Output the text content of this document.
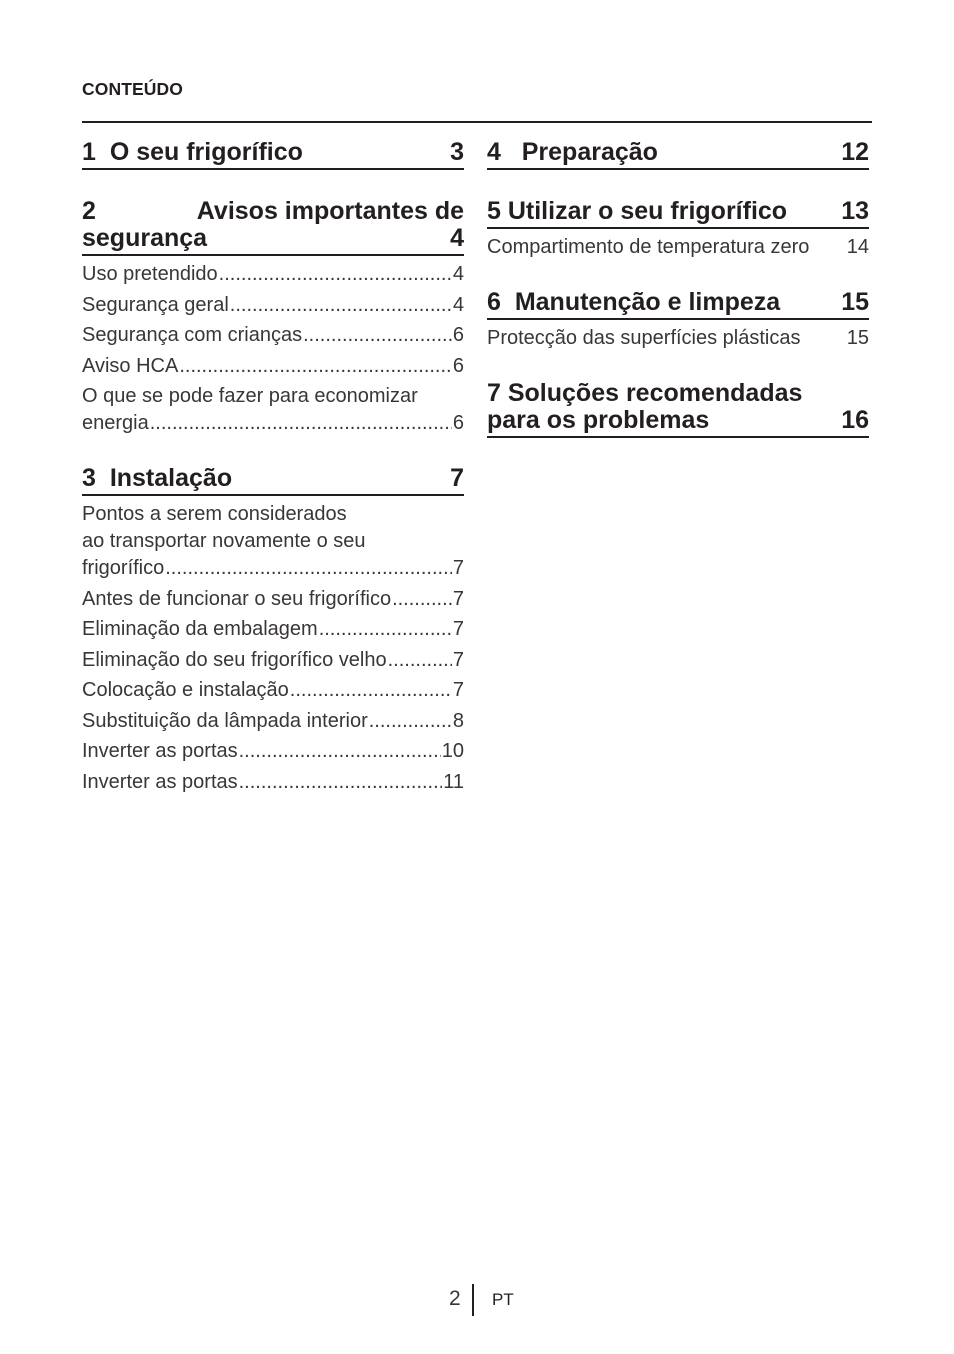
CONTEÚDO
1 O seu frigorífico	3
2	Avisos importantes de
segurança	4
Uso pretendido .....	4
Segurança geral .....	4
Segurança com crianças .....	6
Aviso HCA .....	6
O que se pode fazer para economizar
energia .....	6
3 Instalação	7
Pontos a serem considerados
ao transportar novamente o seu
frigorífico .....	7
Antes de funcionar o seu frigorífico .....	7
Eliminação da embalagem .....	7
Eliminação do seu frigorífico velho .....	7
Colocação e instalação .....	7
Substituição da lâmpada interior .....	8
Inverter as portas .....	10
Inverter as portas .....	11
4 Preparação	12
5 Utilizar o seu frigorífico 13
Compartimento de temperatura zero 14
6 Manutenção e limpeza 15
Protecção das superfícies plásticas 15
7
Soluções recomendadas
para os problemas	16
2 PT
